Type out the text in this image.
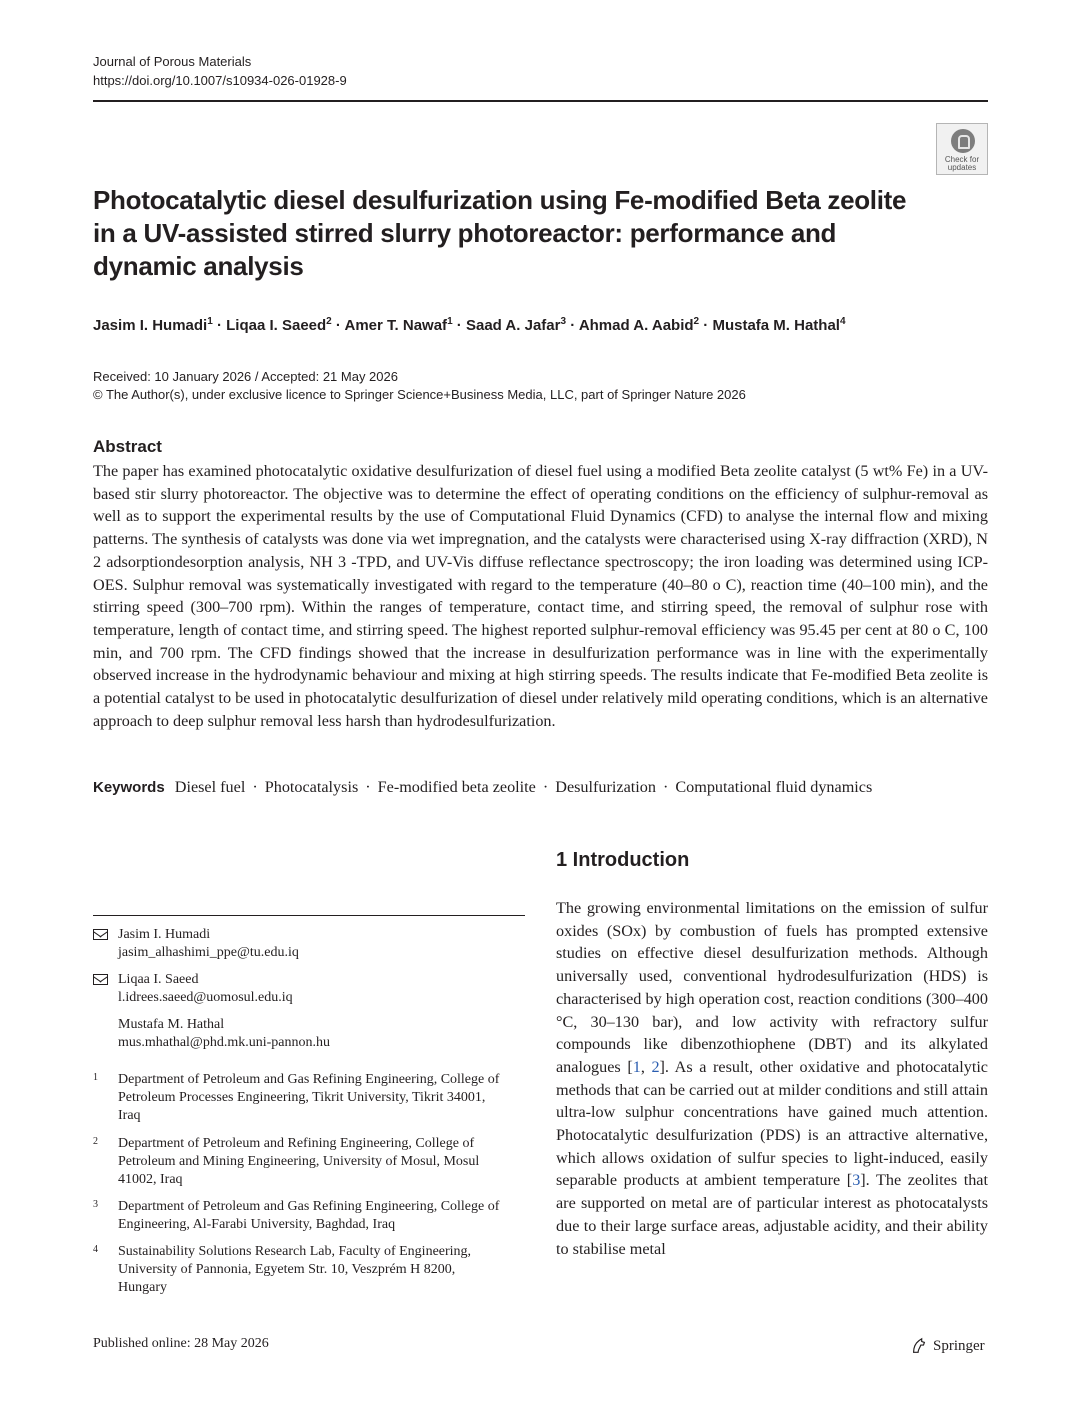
Journal of Porous Materials
https://doi.org/10.1007/s10934-026-01928-9
Check for
updates
Photocatalytic diesel desulfurization using Fe-modified Beta zeolite in a UV-assisted stirred slurry photoreactor: performance and dynamic analysis
Jasim I. Humadi$^1$ · Liqaa I. Saeed$^2$ · Amer T. Nawaf$^1$ · Saad A. Jafar$^3$ · Ahmad A. Aabid$^2$ · Mustafa M. Hathal$^4$
Received: 10 January 2026 / Accepted: 21 May 2026
© The Author(s), under exclusive licence to Springer Science+Business Media, LLC, part of Springer Nature 2026
Abstract

The paper has examined photocatalytic oxidative desulfurization of diesel fuel using a modified Beta zeolite catalyst (5 wt% Fe) in a UV-based stir slurry photoreactor. The objective was to determine the effect of operating conditions on the efficiency of sulphur-removal as well as to support the experimental results by the use of Computational Fluid Dynamics (CFD) to analyse the internal flow and mixing patterns. The synthesis of catalysts was done via wet impregnation, and the catalysts were characterised using X-ray diffraction (XRD), N 2 adsorptiondesorption analysis, NH 3 -TPD, and UV-Vis diffuse reflectance spectroscopy; the iron loading was determined using ICP-OES. Sulphur removal was systematically investigated with regard to the temperature (40–80 o C), reaction time (40–100 min), and the stirring speed (300–700 rpm). Within the ranges of temperature, contact time, and stirring speed, the removal of sulphur rose with temperature, length of contact time, and stirring speed. The highest reported sulphur-removal efficiency was 95.45 per cent at 80 o C, 100 min, and 700 rpm. The CFD findings showed that the increase in desulfurization performance was in line with the experimentally observed increase in the hydrodynamic behaviour and mixing at high stirring speeds. The results indicate that Fe-modified Beta zeolite is a potential catalyst to be used in photocatalytic desulfurization of diesel under relatively mild operating conditions, which is an alternative approach to deep sulphur removal less harsh than hydrodesulfurization.

Keywords Diesel fuel · Photocatalysis · Fe-modified beta zeolite · Desulfurization · Computational fluid dynamics
1 Introduction

The growing environmental limitations on the emission of sulfur oxides (SOx) by combustion of fuels has prompted extensive studies on effective diesel desulfurization methods. Although universally used, conventional hydrodesulfurization (HDS) is characterised by high operation cost, reaction conditions (300–400 °C, 30–130 bar), and low activity with refractory sulfur compounds like dibenzothiophene (DBT) and its alkylated analogues [1, 2]. As a result, other oxidative and photocatalytic methods that can be carried out at milder conditions and still attain ultra-low sulphur concentrations have gained much attention. Photocatalytic desulfurization (PDS) is an attractive alternative, which allows oxidation of sulfur species to light-induced, easily separable products at ambient temperature [3]. The zeolites that are supported on metal are of particular interest as photocatalysts due to their large surface areas, adjustable acidity, and their ability to stabilise metal

Jasim I. Humadi
jasim_alhashimi_ppe@tu.edu.iq
Liqaa I. Saeed
l.idrees.saeed@uomosul.edu.iq
Mustafa M. Hathal
mus.mhathal@phd.mk.uni-pannon.hu
1 Department of Petroleum and Gas Refining Engineering, College of Petroleum Processes Engineering, Tikrit University, Tikrit 34001, Iraq
2 Department of Petroleum and Refining Engineering, College of Petroleum and Mining Engineering, University of Mosul, Mosul 41002, Iraq
3 Department of Petroleum and Gas Refining Engineering, College of Engineering, Al-Farabi University, Baghdad, Iraq
4 Sustainability Solutions Research Lab, Faculty of Engineering, University of Pannonia, Egyetem Str. 10, Veszprém H 8200, Hungary
Published online: 28 May 2026	Springer
